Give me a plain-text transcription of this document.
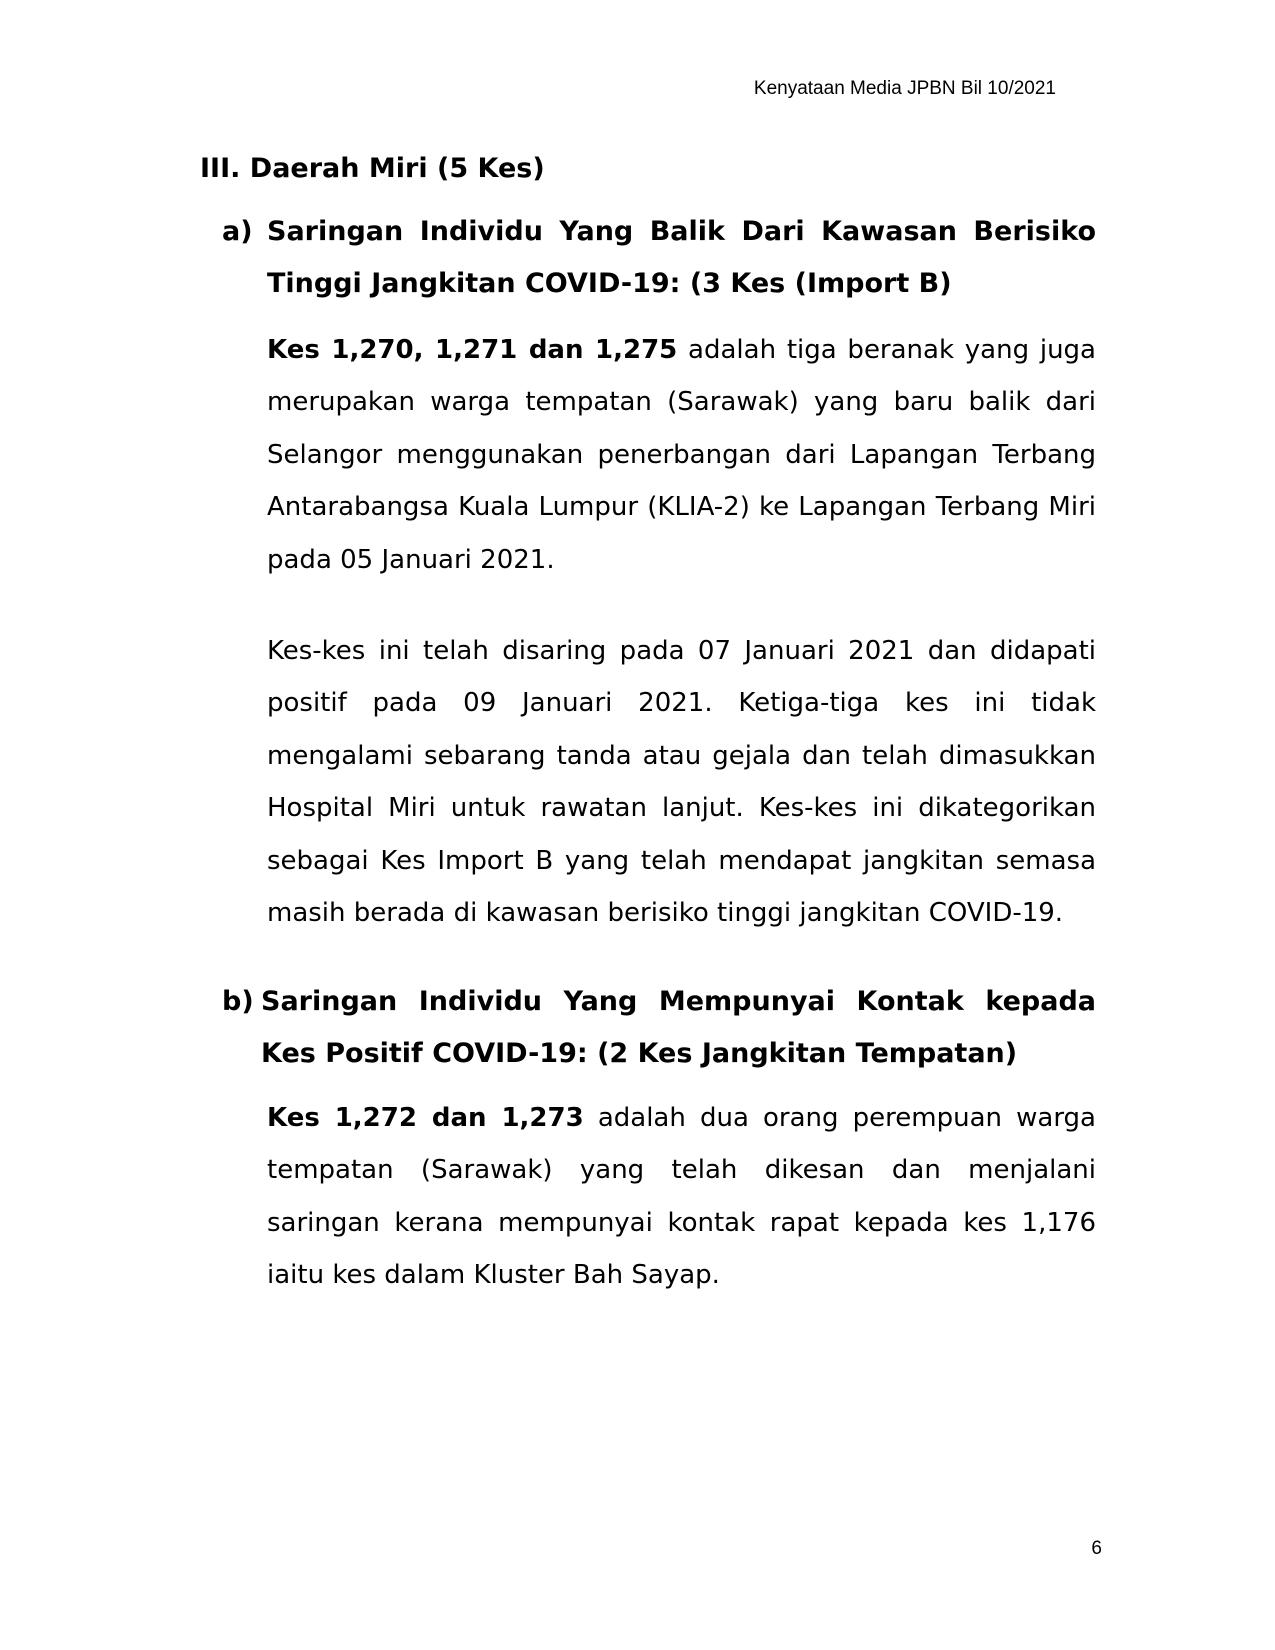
Kenyataan Media JPBN Bil 10/2021
III. Daerah Miri (5 Kes)
a) Saringan Individu Yang Balik Dari Kawasan Berisiko Tinggi Jangkitan COVID-19: (3 Kes (Import B)
Kes 1,270, 1,271 dan 1,275 adalah tiga beranak yang juga merupakan warga tempatan (Sarawak) yang baru balik dari Selangor menggunakan penerbangan dari Lapangan Terbang Antarabangsa Kuala Lumpur (KLIA-2) ke Lapangan Terbang Miri pada 05 Januari 2021.
Kes-kes ini telah disaring pada 07 Januari 2021 dan didapati positif pada 09 Januari 2021. Ketiga-tiga kes ini tidak mengalami sebarang tanda atau gejala dan telah dimasukkan Hospital Miri untuk rawatan lanjut. Kes-kes ini dikategorikan sebagai Kes Import B yang telah mendapat jangkitan semasa masih berada di kawasan berisiko tinggi jangkitan COVID-19.
b) Saringan Individu Yang Mempunyai Kontak kepada Kes Positif COVID-19: (2 Kes Jangkitan Tempatan)
Kes 1,272 dan 1,273 adalah dua orang perempuan warga tempatan (Sarawak) yang telah dikesan dan menjalani saringan kerana mempunyai kontak rapat kepada kes 1,176 iaitu kes dalam Kluster Bah Sayap.
6
